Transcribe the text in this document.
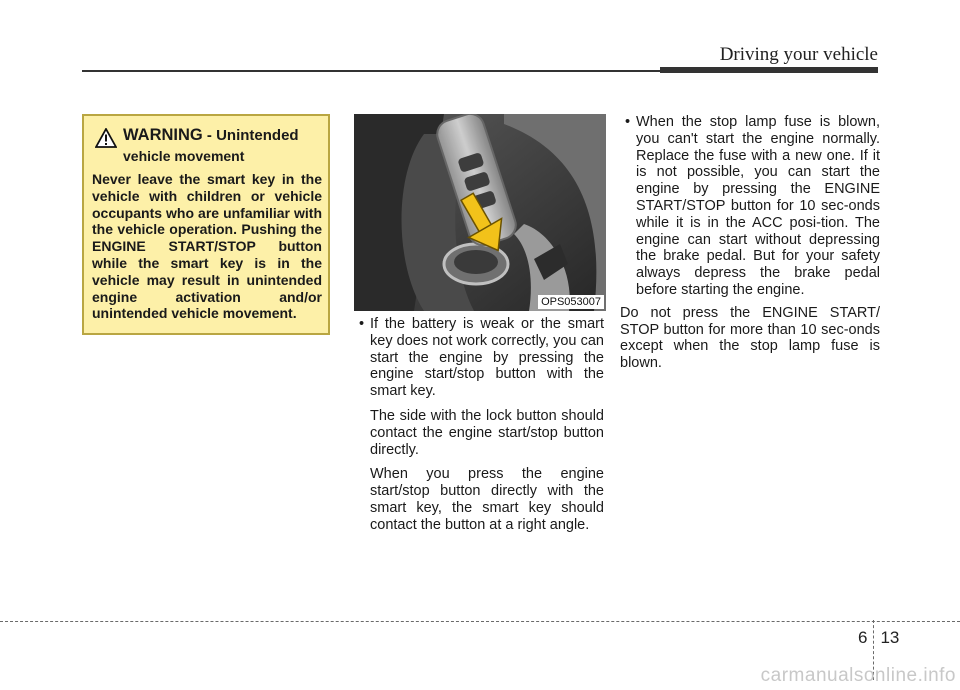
Driving your vehicle
WARNING - Unintended
vehicle movement
Never leave the smart key in the vehicle with children or vehicle occupants who are unfamiliar with the vehicle operation. Pushing the ENGINE START/STOP button while the smart key is in the vehicle may result in unintended engine activation and/or unintended vehicle movement.
OPS053007
• If the battery is weak or the smart key does not work correctly, you can start the engine by pressing the engine start/stop button with the smart key.
The side with the lock button should contact the engine start/stop button directly.
When you press the engine start/stop button directly with the smart key, the smart key should contact the button at a right angle.
• When the stop lamp fuse is blown, you can't start the engine normally. Replace the fuse with a new one. If it is not possible, you can start the engine by pressing the ENGINE START/STOP button for 10 sec-onds while it is in the ACC posi-tion. The engine can start without depressing the brake pedal. But for your safety always depress the brake pedal before starting the engine.
Do not press the ENGINE START/ STOP button for more than 10 sec-onds except when the stop lamp fuse is blown.
6 13
carmanualsonline.info
